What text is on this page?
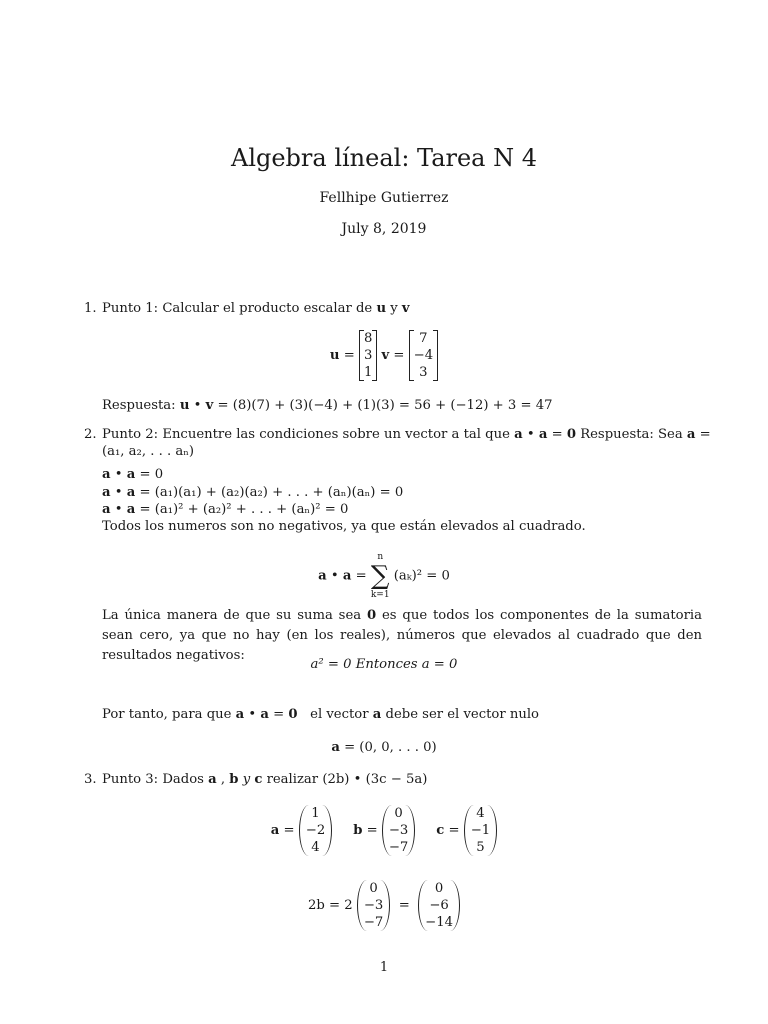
Algebra líneal: Tarea N 4
Fellhipe Gutierrez
July 8, 2019
1. Punto 1: Calcular el producto escalar de u y v
u =
8
3
1
v =
7
−4
3
Respuesta: u • v = (8)(7) + (3)(−4) + (1)(3) = 56 + (−12) + 3 = 47
2. Punto 2: Encuentre las condiciones sobre un vector a tal que a • a = 0 Respuesta: Sea a =
(a₁, a₂, . . . aₙ)
a • a = 0
a • a = (a₁)(a₁) + (a₂)(a₂) + . . . + (aₙ)(aₙ) = 0
a • a = (a₁)² + (a₂)² + . . . + (aₙ)² = 0
Todos los numeros son no negativos, ya que están elevados al cuadrado.
a • a =
n
∑
k=1
(aₖ)² = 0
La única manera de que su suma sea 0 es que todos los componentes de la sumatoria sean cero, ya que no hay (en los reales), números que elevados al cuadrado que den resultados negativos:
a² = 0 Entonces a = 0
Por tanto, para que a • a = 0 el vector a debe ser el vector nulo
a = (0, 0, . . . 0)
3. Punto 3: Dados a , b y c realizar (2b) • (3c − 5a)
a =
1
−2
4
b =
0
−3
−7
c =
4
−1
5
2b = 2
0
−3
−7
=
0
−6
−14
1
